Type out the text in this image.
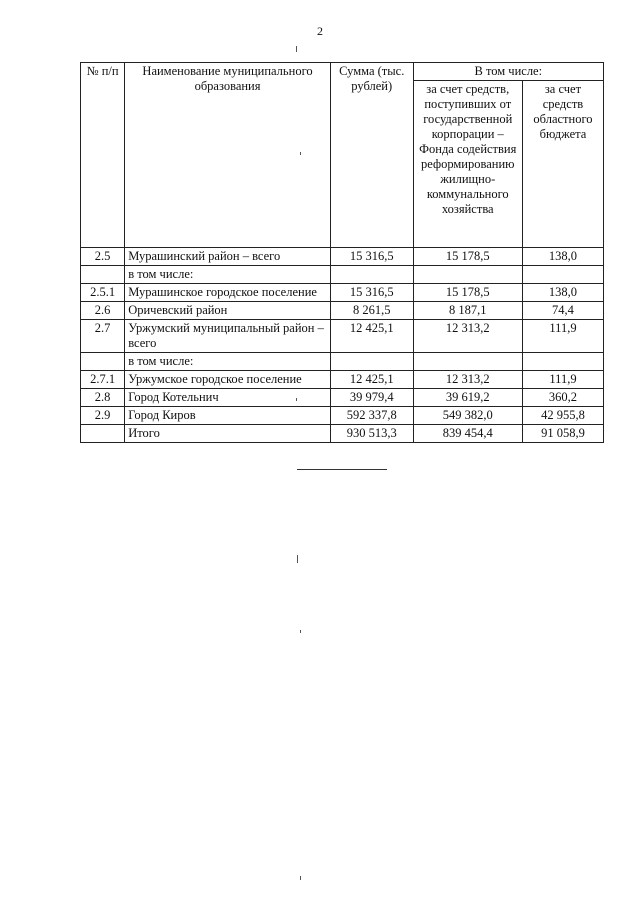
2
№ п/п	Наименование муниципального образования	Сумма (тыс. рублей)	В том числе:	
			за счет средств, поступивших от государственной корпорации – Фонда содействия реформированию жилищно-коммунального хозяйства	за счет средств областного бюджета
2.5	Мурашинский район – всего	15 316,5	15 178,5	138,0
	в том числе:			
2.5.1	Мурашинское городское поселение	15 316,5	15 178,5	138,0
2.6	Оричевский район	8 261,5	8 187,1	74,4
2.7	Уржумский муниципальный район – всего	12 425,1	12 313,2	111,9
	в том числе:			
2.7.1	Уржумское городское поселение	12 425,1	12 313,2	111,9
2.8	Город Котельнич	39 979,4	39 619,2	360,2
2.9	Город Киров	592 337,8	549 382,0	42 955,8
	Итого	930 513,3	839 454,4	91 058,9
